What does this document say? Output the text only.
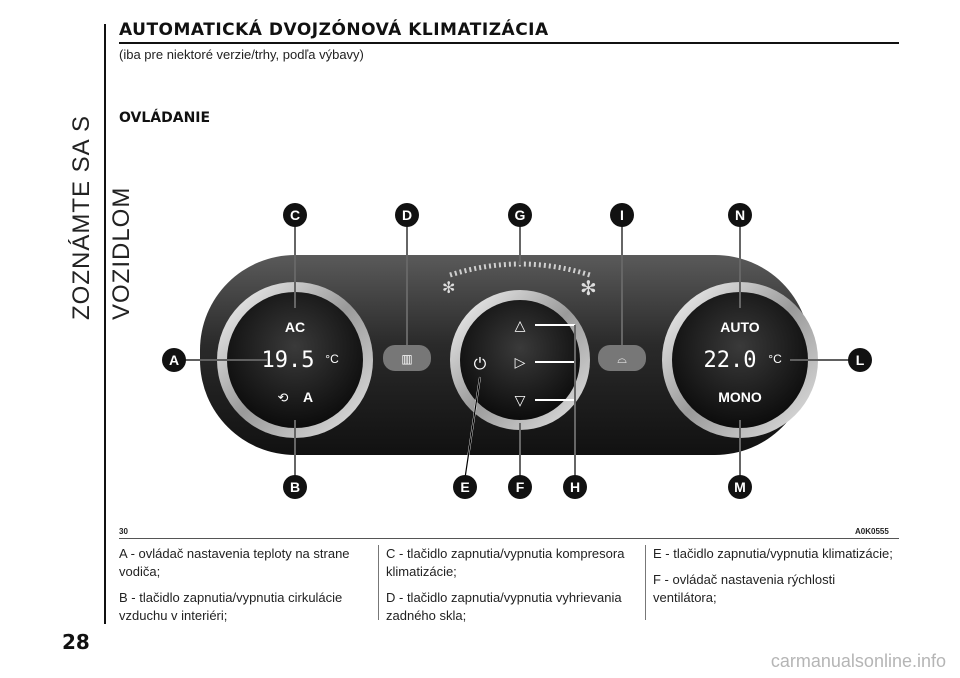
ZOZNÁMTE SA S VOZIDLOM
AUTOMATICKÁ DVOJZÓNOVÁ KLIMATIZÁCIA
(iba pre niektoré verzie/trhy, podľa výbavy)
OVLÁDANIE
✻	✻
AC
19.5 °C
A
⟲
▥	⏻
△
▷
▽
⌓
AUTO
22.0 °C
MONO
C	D	G	I	N
A	L
B	E	F	H	M
30	A0K0555

A - ovládač nastavenia teploty na strane vodiča;

B - tlačidlo zapnutia/vypnutia cirkulácie vzduchu v interiéri;

C - tlačidlo zapnutia/vypnutia kompresora klimatizácie;

D - tlačidlo zapnutia/vypnutia vyhrievania zadného skla;

E - tlačidlo zapnutia/vypnutia klimatizácie;

F - ovládač nastavenia rýchlosti ventilátora;

28
carmanualsonline.info
